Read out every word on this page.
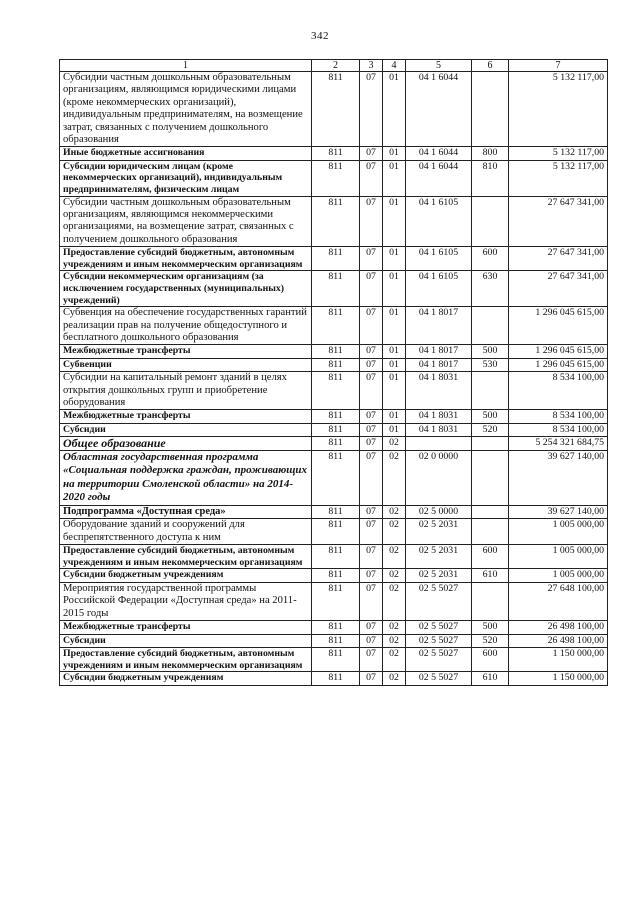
342
1	2	3	4	5	6	7
Субсидии частным дошкольным образовательным организациям, являющимся юридическими лицами (кроме некоммерческих организаций), индивидуальным предпринимателям, на возмещение затрат, связанных с получением дошкольного образования	811	07	01	04 1 6044		5 132 117,00
Иные бюджетные ассигнования	811	07	01	04 1 6044	800	5 132 117,00
Субсидии юридическим лицам (кроме некоммерческих организаций), индивидуальным предпринимателям, физическим лицам	811	07	01	04 1 6044	810	5 132 117,00
Субсидии частным дошкольным образовательным организациям, являющимся некоммерческими организациями, на возмещение затрат, связанных с получением дошкольного образования	811	07	01	04 1 6105		27 647 341,00
Предоставление субсидий бюджетным, автономным учреждениям и иным некоммерческим организациям	811	07	01	04 1 6105	600	27 647 341,00
Субсидии некоммерческим организациям (за исключением государственных (муниципальных) учреждений)	811	07	01	04 1 6105	630	27 647 341,00
Субвенция на обеспечение государственных гарантий реализации прав на получение общедоступного и бесплатного дошкольного образования	811	07	01	04 1 8017		1 296 045 615,00
Межбюджетные трансферты	811	07	01	04 1 8017	500	1 296 045 615,00
Субвенции	811	07	01	04 1 8017	530	1 296 045 615,00
Субсидии на капитальный ремонт зданий в целях открытия дошкольных групп и приобретение оборудования	811	07	01	04 1 8031		8 534 100,00
Межбюджетные трансферты	811	07	01	04 1 8031	500	8 534 100,00
Субсидии	811	07	01	04 1 8031	520	8 534 100,00
Общее образование	811	07	02			5 254 321 684,75
Областная государственная программа «Социальная поддержка граждан, проживающих на территории Смоленской области» на 2014-2020 годы	811	07	02	02 0 0000		39 627 140,00
Подпрограмма «Доступная среда»	811	07	02	02 5 0000		39 627 140,00
Оборудование зданий и сооружений для беспрепятственного доступа к ним	811	07	02	02 5 2031		1 005 000,00
Предоставление субсидий бюджетным, автономным учреждениям и иным некоммерческим организациям	811	07	02	02 5 2031	600	1 005 000,00
Субсидии бюджетным учреждениям	811	07	02	02 5 2031	610	1 005 000,00
Мероприятия государственной программы Российской Федерации «Доступная среда» на 2011-2015 годы	811	07	02	02 5 5027		27 648 100,00
Межбюджетные трансферты	811	07	02	02 5 5027	500	26 498 100,00
Субсидии	811	07	02	02 5 5027	520	26 498 100,00
Предоставление субсидий бюджетным, автономным учреждениям и иным некоммерческим организациям	811	07	02	02 5 5027	600	1 150 000,00
Субсидии бюджетным учреждениям	811	07	02	02 5 5027	610	1 150 000,00
